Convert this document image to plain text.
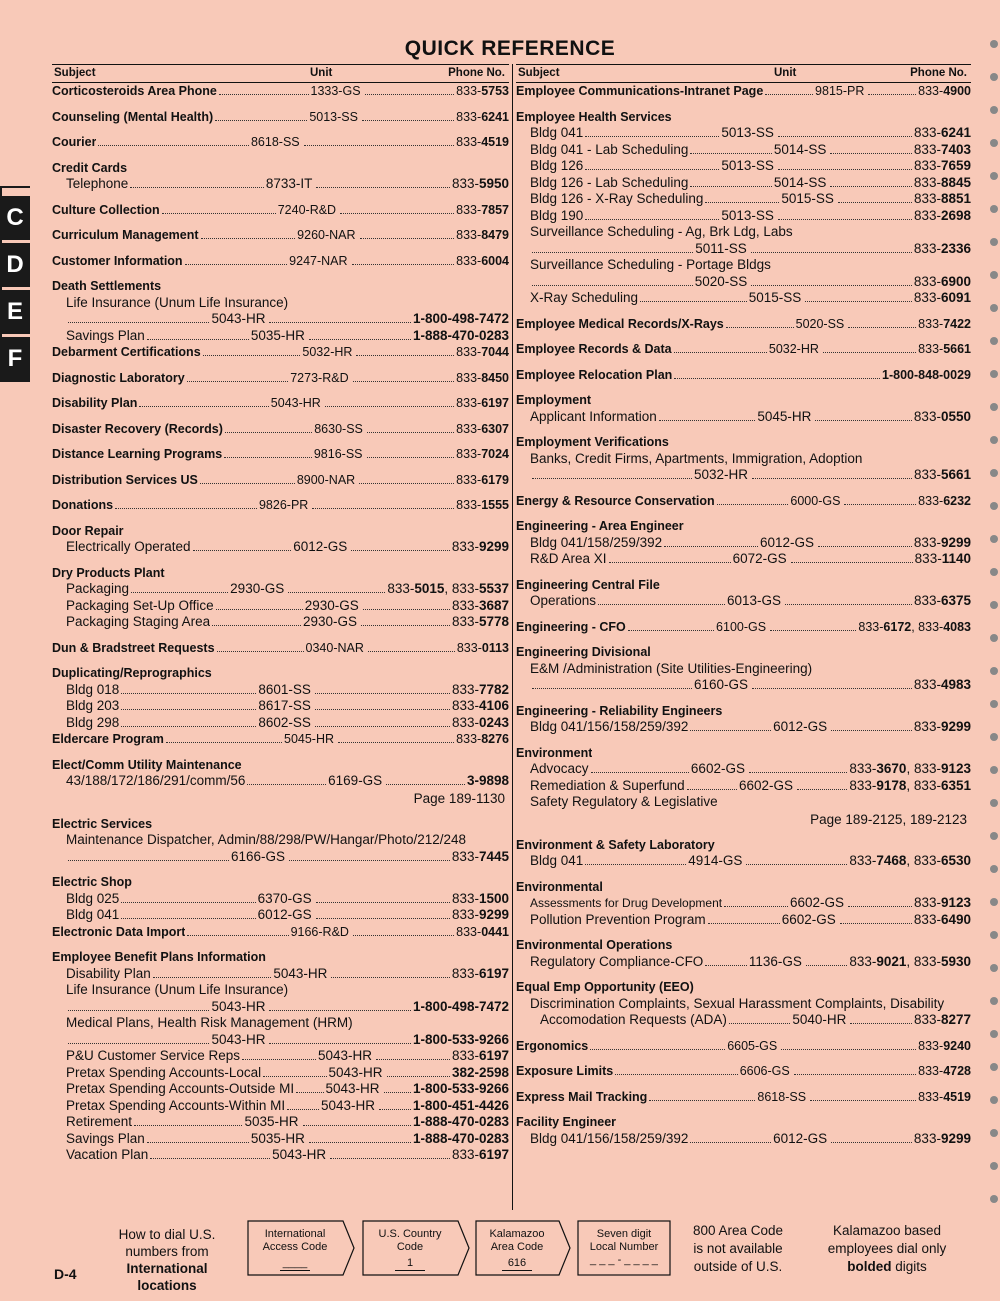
QUICK REFERENCE
C
D
E
F
Subject	Unit	Phone No.
Corticosteroids Area Phone	1333-GS	833-5753
Counseling (Mental Health)	5013-SS	833-6241
Courier	8618-SS	833-4519
Credit Cards
Telephone	8733-IT	833-5950
Culture Collection	7240-R&D	833-7857
Curriculum Management	9260-NAR	833-8479
Customer Information	9247-NAR	833-6004
Death Settlements
Life Insurance (Unum Life Insurance)
5043-HR	1-800-498-7472
Savings Plan	5035-HR	1-888-470-0283
Debarment Certifications	5032-HR	833-7044
Diagnostic Laboratory	7273-R&D	833-8450
Disability Plan	5043-HR	833-6197
Disaster Recovery (Records)	8630-SS	833-6307
Distance Learning Programs	9816-SS	833-7024
Distribution Services US	8900-NAR	833-6179
Donations	9826-PR	833-1555
Door Repair
Electrically Operated	6012-GS	833-9299
Dry Products Plant
Packaging	2930-GS	833-5015, 833-5537
Packaging Set-Up Office	2930-GS	833-3687
Packaging Staging Area	2930-GS	833-5778
Dun & Bradstreet Requests	0340-NAR	833-0113
Duplicating/Reprographics
Bldg 018	8601-SS	833-7782
Bldg 203	8617-SS	833-4106
Bldg 298	8602-SS	833-0243
Eldercare Program	5045-HR	833-8276
Elect/Comm Utility Maintenance
43/188/172/186/291/comm/56	6169-GS	3-9898
Page 189-1130
Electric Services
Maintenance Dispatcher, Admin/88/298/PW/Hangar/Photo/212/248
6166-GS	833-7445
Electric Shop
Bldg 025	6370-GS	833-1500
Bldg 041	6012-GS	833-9299
Electronic Data Import	9166-R&D	833-0441
Employee Benefit Plans Information
Disability Plan	5043-HR	833-6197
Life Insurance (Unum Life Insurance)
5043-HR	1-800-498-7472
Medical Plans, Health Risk Management (HRM)
5043-HR	1-800-533-9266
P&U Customer Service Reps	5043-HR	833-6197
Pretax Spending Accounts-Local	5043-HR	382-2598
Pretax Spending Accounts-Outside MI 5043-HR 1-800-533-9266
Pretax Spending Accounts-Within MI	5043-HR	1-800-451-4426
Retirement	5035-HR	1-888-470-0283
Savings Plan	5035-HR	1-888-470-0283
Vacation Plan	5043-HR	833-6197
Subject	Unit	Phone No.
Employee Communications-Intranet Page	9815-PR	833-4900
Employee Health Services
Bldg 041	5013-SS	833-6241
Bldg 041 - Lab Scheduling	5014-SS	833-7403
Bldg 126	5013-SS	833-7659
Bldg 126 - Lab Scheduling	5014-SS	833-8845
Bldg 126 - X-Ray Scheduling	5015-SS	833-8851
Bldg 190	5013-SS	833-2698
Surveillance Scheduling - Ag, Brk Ldg, Labs
5011-SS	833-2336
Surveillance Scheduling - Portage Bldgs
5020-SS	833-6900
X-Ray Scheduling	5015-SS	833-6091
Employee Medical Records/X-Rays	5020-SS	833-7422
Employee Records & Data	5032-HR	833-5661
Employee Relocation Plan	1-800-848-0029
Employment
Applicant Information	5045-HR	833-0550
Employment Verifications
Banks, Credit Firms, Apartments, Immigration, Adoption
5032-HR	833-5661
Energy & Resource Conservation	6000-GS	833-6232
Engineering - Area Engineer
Bldg 041/158/259/392	6012-GS	833-9299
R&D Area XI	6072-GS	833-1140
Engineering Central File
Operations	6013-GS	833-6375
Engineering - CFO	6100-GS	833-6172, 833-4083
Engineering Divisional
E&M /Administration (Site Utilities-Engineering)
6160-GS	833-4983
Engineering - Reliability Engineers
Bldg 041/156/158/259/392	6012-GS	833-9299
Environment
Advocacy	6602-GS	833-3670, 833-9123
Remediation & Superfund	6602-GS	833-9178, 833-6351
Safety Regulatory & Legislative
Page 189-2125, 189-2123
Environment & Safety Laboratory
Bldg 041	4914-GS	833-7468, 833-6530
Environmental
Assessments for Drug Development	6602-GS	833-9123
Pollution Prevention Program	6602-GS	833-6490
Environmental Operations
Regulatory Compliance-CFO	1136-GS	833-9021, 833-5930
Equal Emp Opportunity (EEO)
Discrimination Complaints, Sexual Harassment Complaints, Disability
Accomodation Requests (ADA)	5040-HR	833-8277
Ergonomics	6605-GS	833-9240
Exposure Limits	6606-GS	833-4728
Express Mail Tracking	8618-SS	833-4519
Facility Engineer
Bldg 041/156/158/259/392	6012-GS	833-9299
D-4
How to dial U.S.
numbers from
International locations
International
Access Code
____
U.S. Country
Code
1
Kalamazoo
Area Code
616
Seven digit
Local Number
_ _ _ - _ _ _ _
800 Area Code
is not available
outside of U.S.
Kalamazoo based
employees dial only
bolded digits
